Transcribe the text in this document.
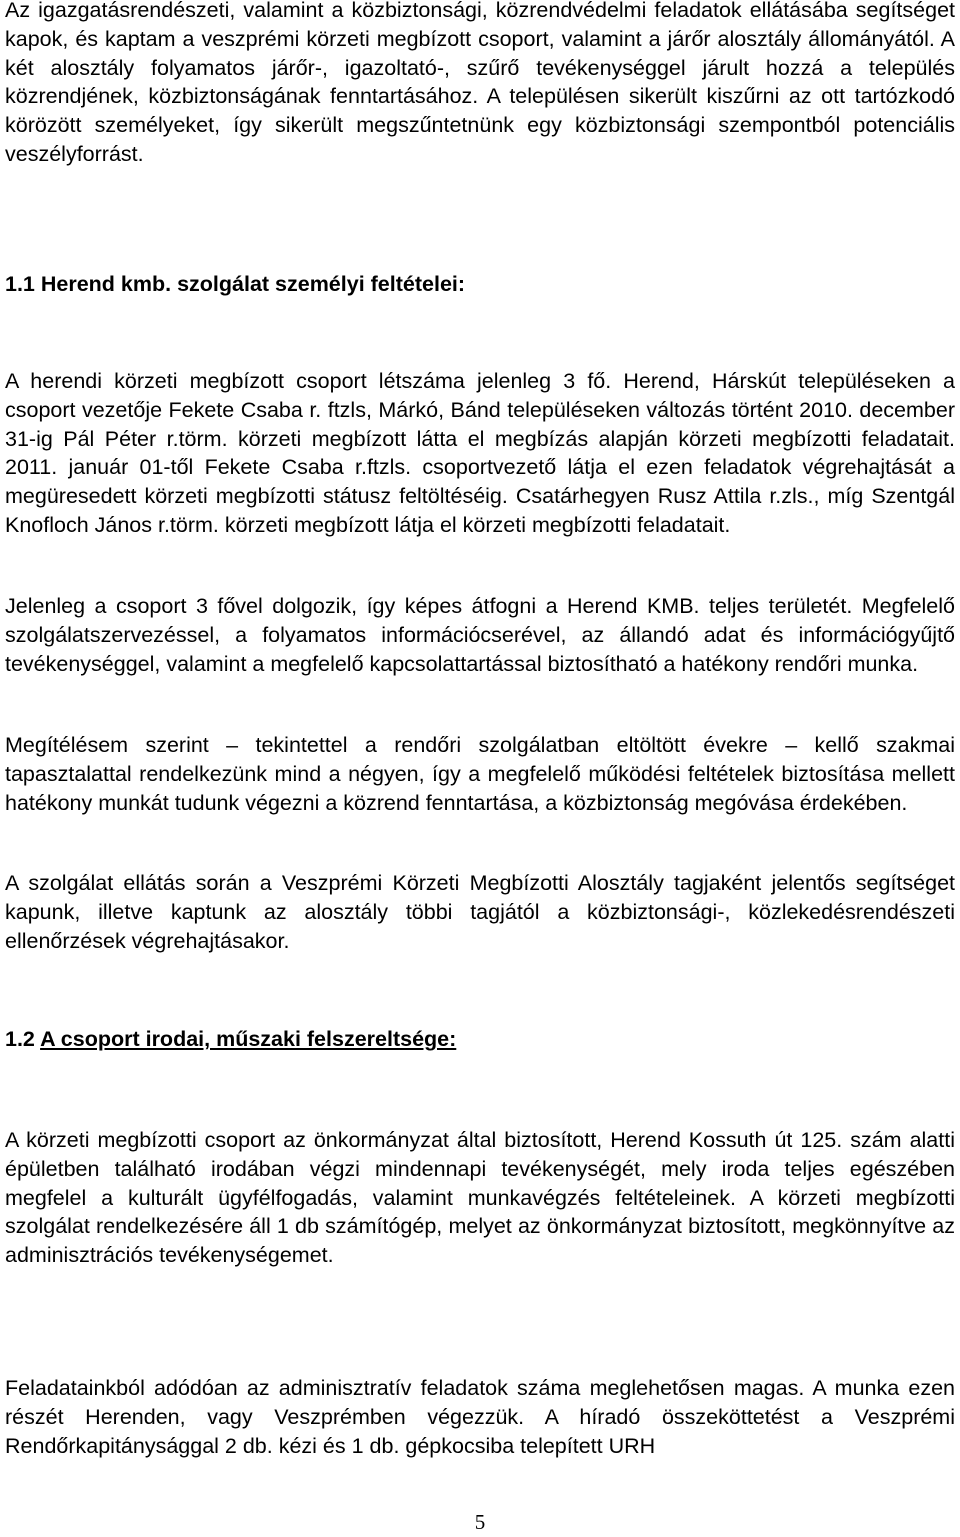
Az igazgatásrendészeti, valamint a közbiztonsági, közrendvédelmi feladatok ellátásába segítséget kapok, és kaptam a veszprémi körzeti megbízott csoport, valamint a járőr alosztály állományától. A két alosztály folyamatos járőr-, igazoltató-, szűrő tevékenységgel járult hozzá a település közrendjének, közbiztonságának fenntartásához. A településen sikerült kiszűrni az ott tartózkodó körözött személyeket, így sikerült megszűntetnünk egy közbiztonsági szempontból potenciális veszélyforrást.

1.1 Herend kmb. szolgálat személyi feltételei:

A herendi körzeti megbízott csoport létszáma jelenleg 3 fő. Herend, Hárskút településeken a csoport vezetője Fekete Csaba r. ftzls, Márkó, Bánd településeken változás történt 2010. december 31-ig Pál Péter r.törm. körzeti megbízott látta el megbízás alapján körzeti megbízotti feladatait. 2011. január 01-től Fekete Csaba r.ftzls. csoportvezető látja el ezen feladatok végrehajtását a megüresedett körzeti megbízotti státusz feltöltéséig. Csatárhegyen Rusz Attila r.zls., míg Szentgál Knofloch János r.törm. körzeti megbízott látja el körzeti megbízotti feladatait.

Jelenleg a csoport 3 fővel dolgozik, így képes átfogni a Herend KMB. teljes területét. Megfelelő szolgálatszervezéssel, a folyamatos információcserével, az állandó adat és információgyűjtő tevékenységgel, valamint a megfelelő kapcsolattartással biztosítható a hatékony rendőri munka.

Megítélésem szerint – tekintettel a rendőri szolgálatban eltöltött évekre – kellő szakmai tapasztalattal rendelkezünk mind a négyen, így a megfelelő működési feltételek biztosítása mellett hatékony munkát tudunk végezni a közrend fenntartása, a közbiztonság megóvása érdekében.

A szolgálat ellátás során a Veszprémi Körzeti Megbízotti Alosztály tagjaként jelentős segítséget kapunk, illetve kaptunk az alosztály többi tagjától a közbiztonsági-, közlekedésrendészeti ellenőrzések végrehajtásakor.

1.2 A csoport irodai, műszaki felszereltsége:

A körzeti megbízotti csoport az önkormányzat által biztosított, Herend Kossuth út 125. szám alatti épületben található irodában végzi mindennapi tevékenységét, mely iroda teljes egészében megfelel a kulturált ügyfélfogadás, valamint munkavégzés feltételeinek. A körzeti megbízotti szolgálat rendelkezésére áll 1 db számítógép, melyet az önkormányzat biztosított, megkönnyítve az adminisztrációs tevékenységemet.

Feladatainkból adódóan az adminisztratív feladatok száma meglehetősen magas. A munka ezen részét Herenden, vagy Veszprémben végezzük. A híradó összeköttetést a Veszprémi Rendőrkapitánysággal 2 db. kézi és 1 db. gépkocsiba telepített URH

5
